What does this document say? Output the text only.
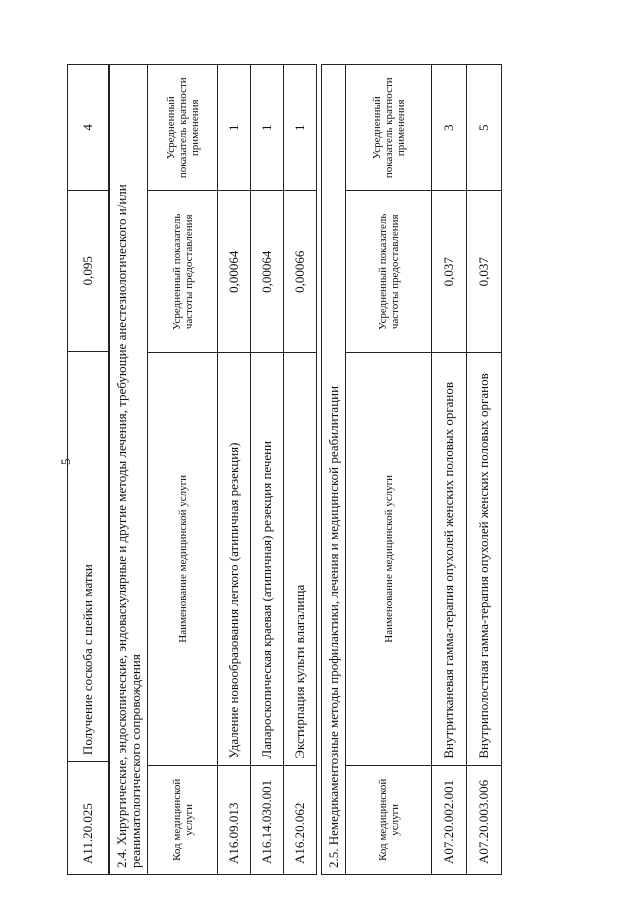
5
A11.20.025	Получение соскоба с шейки матки	0,095	4
2.4. Хирургические, эндоскопические, эндоваскулярные и другие методы лечения, требующие анестезиологического и/или реаниматологического сопровождения			
Код медицинской услуги	Наименование медицинской услуги	Усредненный показатель частоты предоставления	Усредненный показатель кратности применения
A16.09.013	Удаление новообразования легкого (атипичная резекция)	0,00064	1
A16.14.030.001	Лапароскопическая краевая (атипичная) резекция печени	0,00064	1
A16.20.062	Экстирпация культи влагалища	0,00066	1
2.5. Немедикаментозные методы профилактики, лечения и медицинской реабилитации			
Код медицинской услуги	Наименование медицинской услуги	Усредненный показатель частоты предоставления	Усредненный показатель кратности применения
A07.20.002.001	Внутритканевая гамма-терапия опухолей женских половых органов	0,037	3
A07.20.003.006	Внутриполостная гамма-терапия опухолей женских половых органов	0,037	5
